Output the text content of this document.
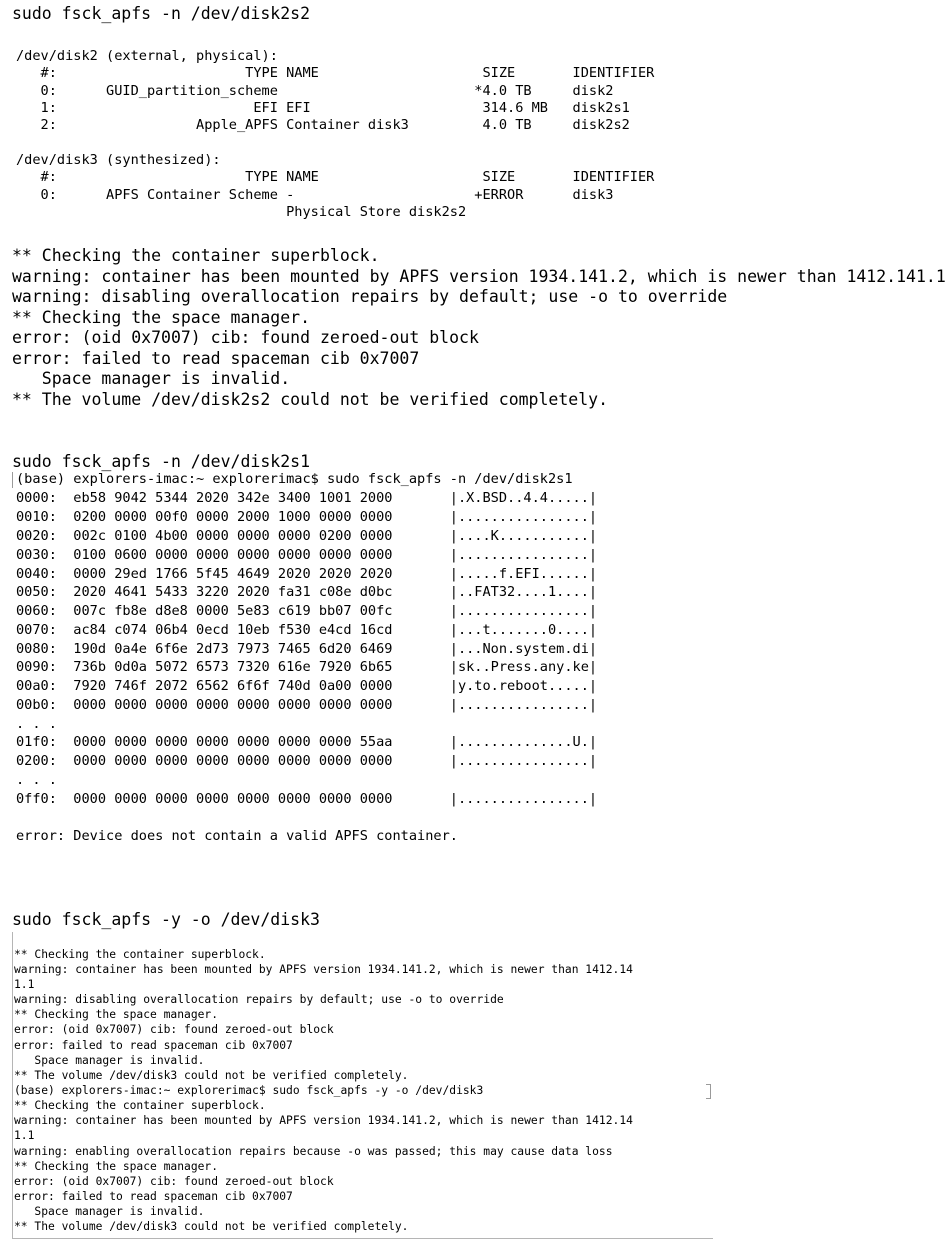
sudo fsck_apfs -n /dev/disk2s2
/dev/disk2 (external, physical):
#:                       TYPE NAME                    SIZE       IDENTIFIER
0:      GUID_partition_scheme                        *4.0 TB     disk2
1:                        EFI EFI                     314.6 MB   disk2s1
2:                 Apple_APFS Container disk3         4.0 TB     disk2s2
/dev/disk3 (synthesized):
#:                       TYPE NAME                    SIZE       IDENTIFIER
0:      APFS Container Scheme -                      +ERROR      disk3
Physical Store disk2s2
** Checking the container superblock.
warning: container has been mounted by APFS version 1934.141.2, which is newer than 1412.141.1
warning: disabling overallocation repairs by default; use -o to override
** Checking the space manager.
error: (oid 0x7007) cib: found zeroed-out block
error: failed to read spaceman cib 0x7007
Space manager is invalid.
** The volume /dev/disk2s2 could not be verified completely.
sudo fsck_apfs -n /dev/disk2s1
(base) explorers-imac:~ explorerimac$ sudo fsck_apfs -n /dev/disk2s1
0000:  eb58 9042 5344 2020 342e 3400 1001 2000       |.X.BSD..4.4.....|
0010:  0200 0000 00f0 0000 2000 1000 0000 0000       |................|
0020:  002c 0100 4b00 0000 0000 0000 0200 0000       |....K...........|
0030:  0100 0600 0000 0000 0000 0000 0000 0000       |................|
0040:  0000 29ed 1766 5f45 4649 2020 2020 2020       |.....f.EFI......|
0050:  2020 4641 5433 3220 2020 fa31 c08e d0bc       |..FAT32....1....|
0060:  007c fb8e d8e8 0000 5e83 c619 bb07 00fc       |................|
0070:  ac84 c074 06b4 0ecd 10eb f530 e4cd 16cd       |...t.......0....|
0080:  190d 0a4e 6f6e 2d73 7973 7465 6d20 6469       |...Non.system.di|
0090:  736b 0d0a 5072 6573 7320 616e 7920 6b65       |sk..Press.any.ke|
00a0:  7920 746f 2072 6562 6f6f 740d 0a00 0000       |y.to.reboot.....|
00b0:  0000 0000 0000 0000 0000 0000 0000 0000       |................|
. . .
01f0:  0000 0000 0000 0000 0000 0000 0000 55aa       |..............U.|
0200:  0000 0000 0000 0000 0000 0000 0000 0000       |................|
. . .
0ff0:  0000 0000 0000 0000 0000 0000 0000 0000       |................|
error: Device does not contain a valid APFS container.
sudo fsck_apfs -y -o /dev/disk3
** Checking the container superblock.
warning: container has been mounted by APFS version 1934.141.2, which is newer than 1412.14
1.1
warning: disabling overallocation repairs by default; use -o to override
** Checking the space manager.
error: (oid 0x7007) cib: found zeroed-out block
error: failed to read spaceman cib 0x7007
Space manager is invalid.
** The volume /dev/disk3 could not be verified completely.
(base) explorers-imac:~ explorerimac$ sudo fsck_apfs -y -o /dev/disk3
** Checking the container superblock.
warning: container has been mounted by APFS version 1934.141.2, which is newer than 1412.14
1.1
warning: enabling overallocation repairs because -o was passed; this may cause data loss
** Checking the space manager.
error: (oid 0x7007) cib: found zeroed-out block
error: failed to read spaceman cib 0x7007
Space manager is invalid.
** The volume /dev/disk3 could not be verified completely.
